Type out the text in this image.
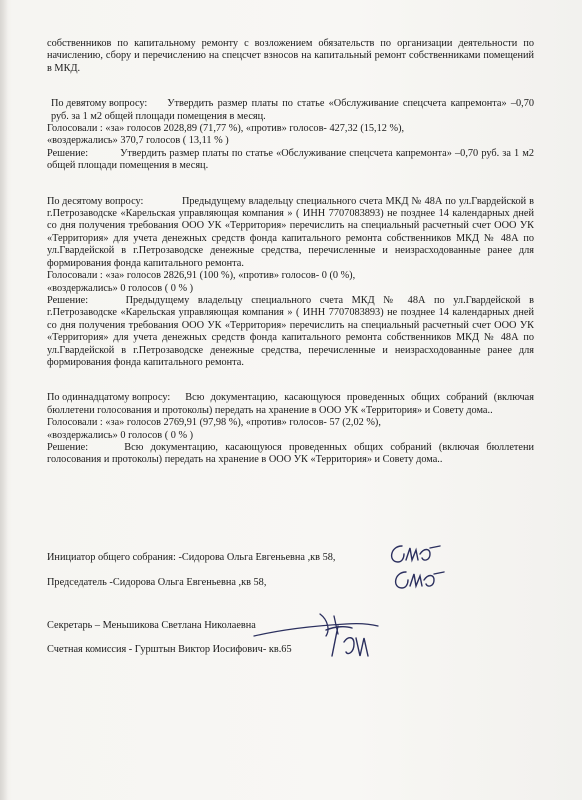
собственников по капитальному ремонту с возложением обязательств по организации деятельности по начислению, сбору и перечислению на спецсчет взносов на капитальный ремонт собственниками помещений в МКД.

По девятому вопросу: Утвердить размер платы по статье «Обслуживание спецсчета капремонта» –0,70 руб. за 1 м2 общей площади помещения в месяц.

Голосовали : «за» голосов 2028,89 (71,77 %), «против» голосов- 427,32 (15,12 %),

«воздержались» 370,7 голосов ( 13,11 % )

Решение:	Утвердить размер платы по статье «Обслуживание спецсчета капремонта» –0,70 руб. за 1 м2 общей площади помещения в месяц.

По десятому вопросу:	Предыдущему владельцу специального счета МКД № 48А по ул.Гвардейской в г.Петрозаводске «Карельская управляющая компания » ( ИНН 7707083893) не позднее 14 календарных дней со дня получения требования ООО УК «Территория» перечислить на специальный расчетный счет ООО УК «Территория» для учета денежных средств фонда капитального ремонта собственников МКД № 48А по ул.Гвардейской в г.Петрозаводске денежные средства, перечисленные и неизрасходованные ранее для формирования фонда капитального ремонта.

Голосовали : «за» голосов 2826,91 (100 %), «против» голосов- 0 (0 %),

«воздержались» 0 голосов ( 0 % )

Решение:	Предыдущему владельцу специального счета МКД № 48А по ул.Гвардейской в г.Петрозаводске «Карельская управляющая компания » ( ИНН 7707083893) не позднее 14 календарных дней со дня получения требования ООО УК «Территория» перечислить на специальный расчетный счет ООО УК «Территория» для учета денежных средств фонда капитального ремонта собственников МКД № 48А по ул.Гвардейской в г.Петрозаводске денежные средства, перечисленные и неизрасходованные ранее для формирования фонда капитального ремонта.

По одиннадцатому вопросу: Всю документацию, касающуюся проведенных общих собраний (включая бюллетени голосования и протоколы) передать на хранение в ООО УК «Территория» и Совету дома..

Голосовали : «за» голосов 2769,91 (97,98 %), «против» голосов- 57 (2,02 %),

«воздержались» 0 голосов ( 0 % )

Решение:	Всю документацию, касающуюся проведенных общих собраний (включая бюллетени голосования и протоколы) передать на хранение в ООО УК «Территория» и Совету дома..

Инициатор общего собрания: -Сидорова Ольга Евгеньевна ,кв 58,
Председатель -Сидорова Ольга Евгеньевна ,кв 58,
Секретарь – Меньшикова Светлана Николаевна
Счетная комиссия - Гурштын Виктор Иосифович- кв.65
